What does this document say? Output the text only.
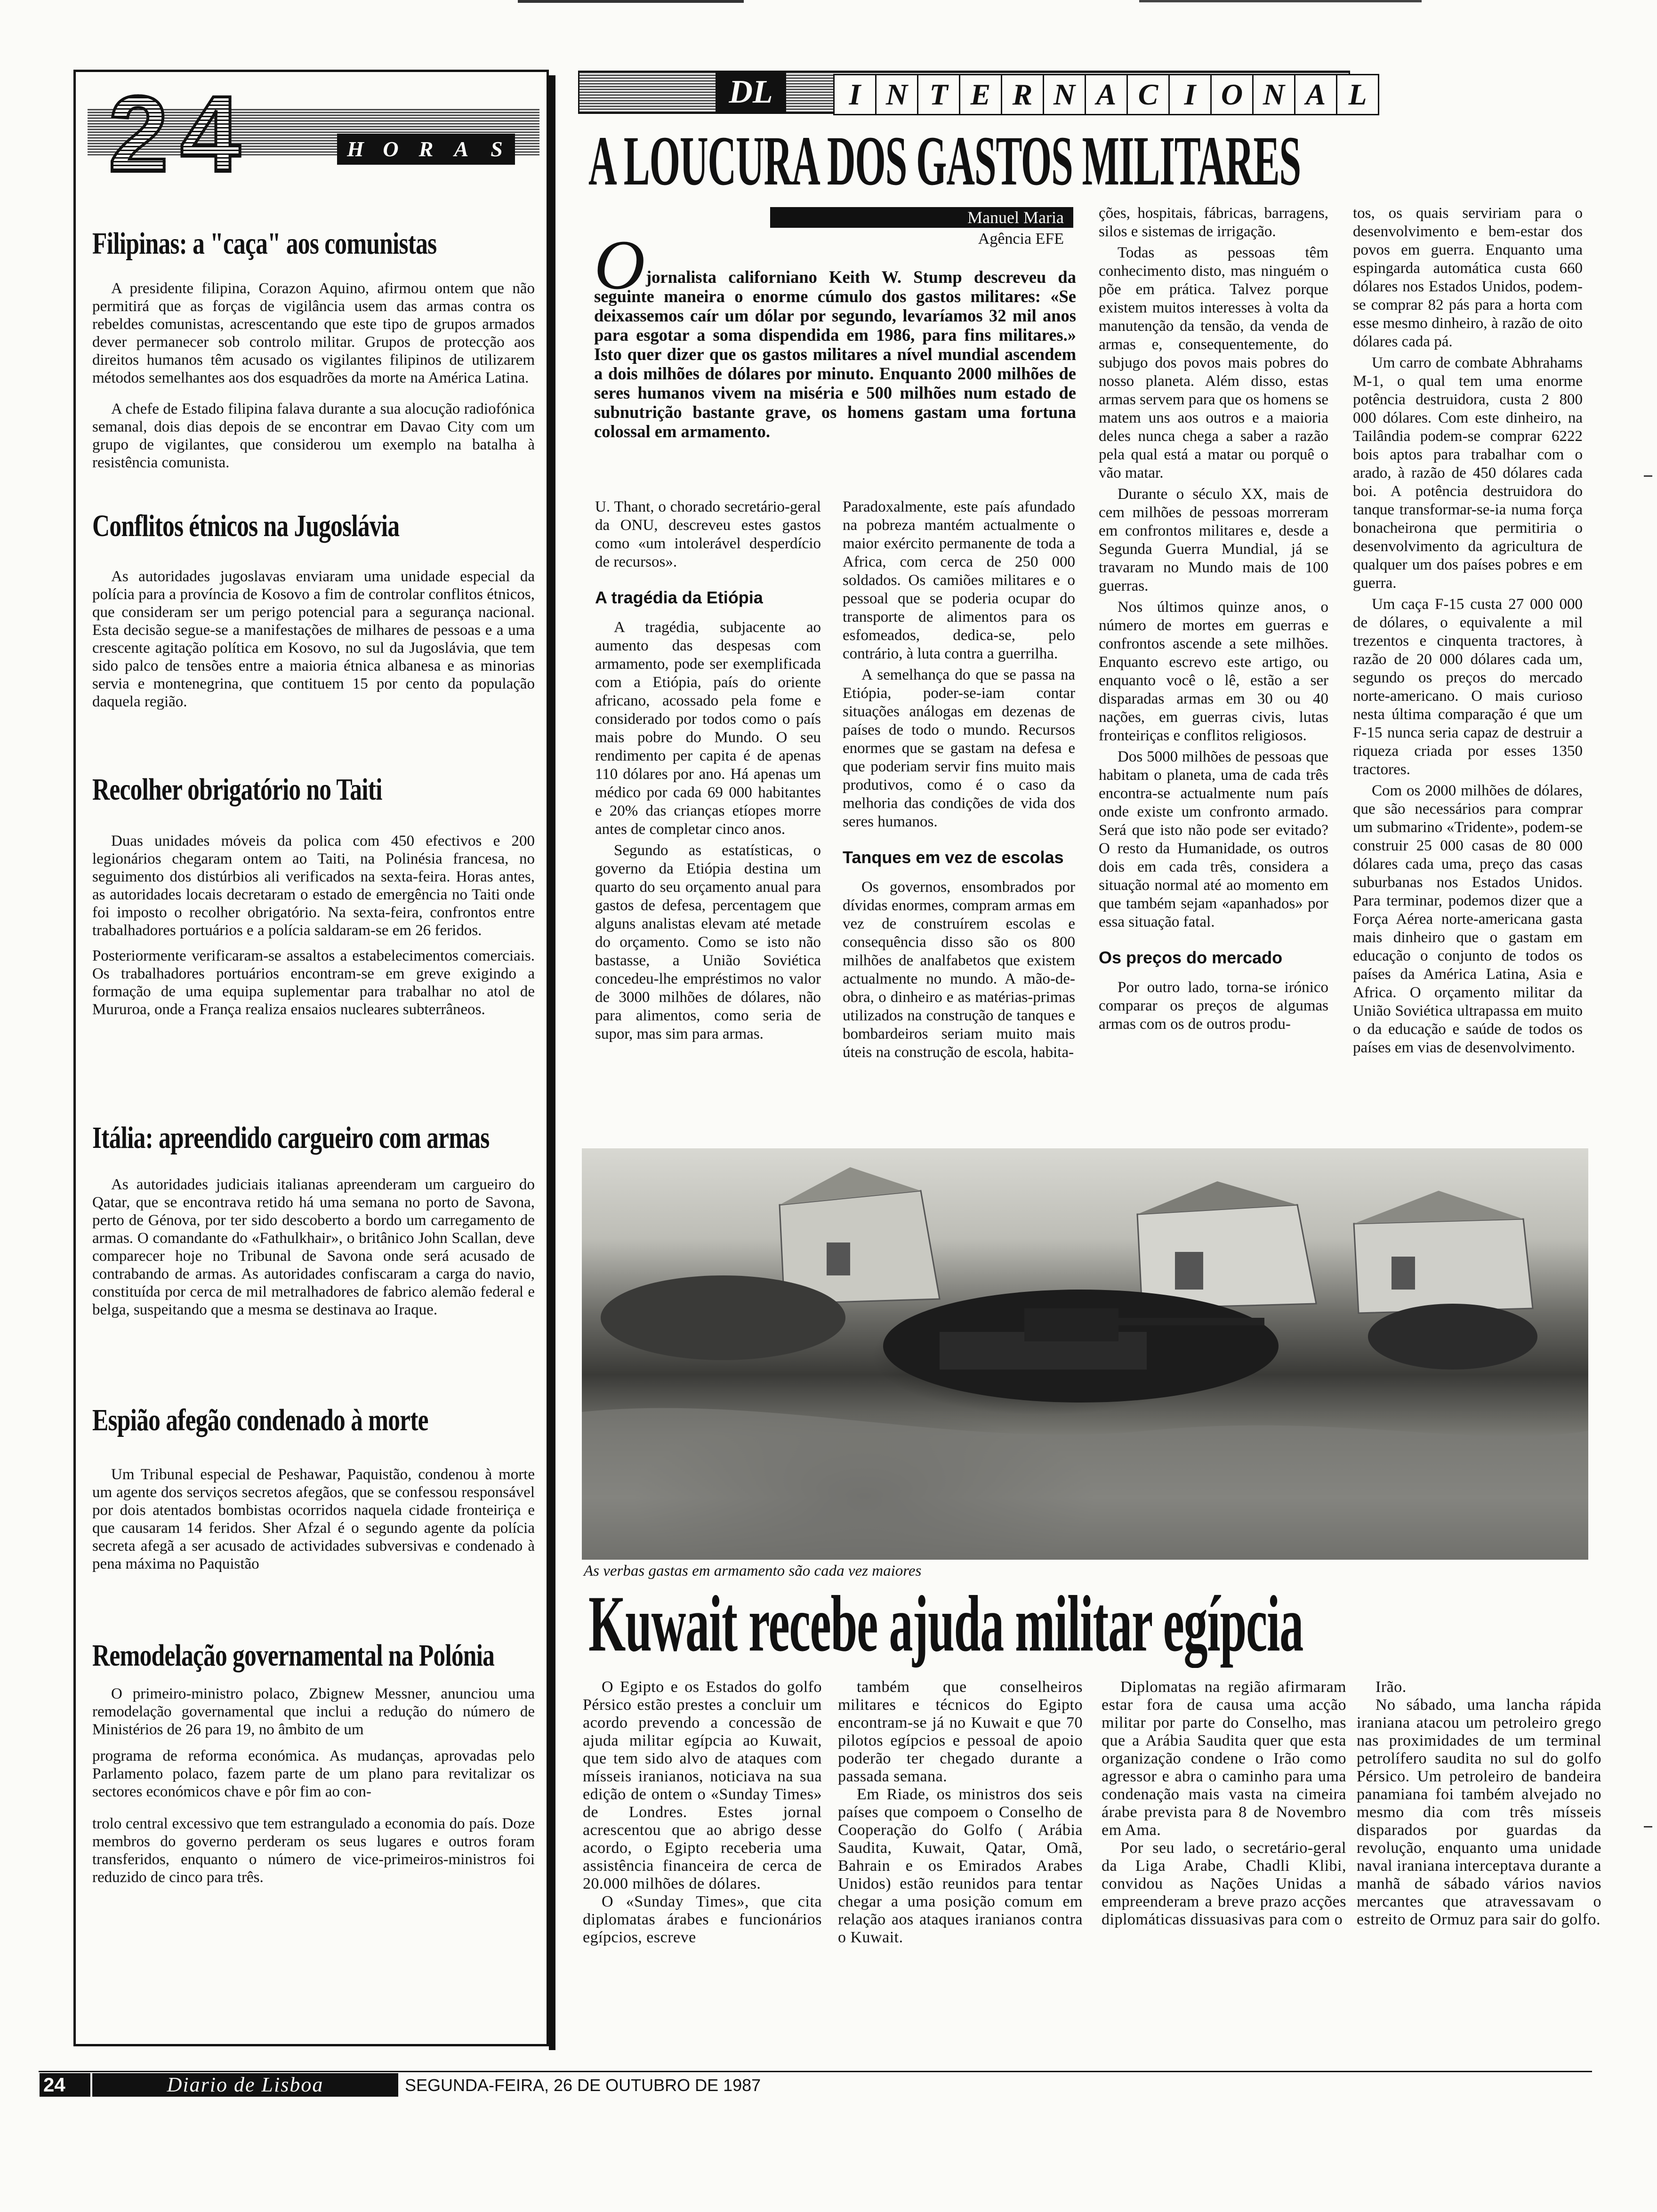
2 4	H O R A S
Filipinas: a "caça" aos comunistas

A presidente filipina, Corazon Aquino, afirmou ontem que não permitirá que as forças de vigilância usem das armas contra os rebeldes comunistas, acrescentando que este tipo de grupos armados dever permanecer sob controlo militar. Grupos de protecção aos direitos humanos têm acusado os vigilantes filipinos de utilizarem métodos semelhantes aos dos esquadrões da morte na América Latina.

A chefe de Estado filipina falava durante a sua alocução radiofónica semanal, dois dias depois de se encontrar em Davao City com um grupo de vigilantes, que considerou um exemplo na batalha à resistência comunista.

Conflitos étnicos na Jugoslávia

As autoridades jugoslavas enviaram uma unidade especial da polícia para a província de Kosovo a fim de controlar conflitos étnicos, que consideram ser um perigo potencial para a segurança nacional. Esta decisão segue-se a manifestações de milhares de pessoas e a uma crescente agitação política em Kosovo, no sul da Jugoslávia, que tem sido palco de tensões entre a maioria étnica albanesa e as minorias servia e montenegrina, que contituem 15 por cento da população daquela região.

Recolher obrigatório no Taiti

Duas unidades móveis da polica com 450 efectivos e 200 legionários chegaram ontem ao Taiti, na Polinésia francesa, no seguimento dos distúrbios ali verificados na sexta-feira. Horas antes, as autoridades locais decretaram o estado de emergência no Taiti onde foi imposto o recolher obrigatório. Na sexta-feira, confrontos entre trabalhadores portuários e a polícia saldaram-se em 26 feridos.

Posteriormente verificaram-se assaltos a estabelecimentos comerciais. Os trabalhadores portuários encontram-se em greve exigindo a formação de uma equipa suplementar para trabalhar no atol de Mururoa, onde a França realiza ensaios nucleares subterrâneos.

Itália: apreendido cargueiro com armas

As autoridades judiciais italianas apreenderam um cargueiro do Qatar, que se encontrava retido há uma semana no porto de Savona, perto de Génova, por ter sido descoberto a bordo um carregamento de armas. O comandante do «Fathulkhair», o britânico John Scallan, deve comparecer hoje no Tribunal de Savona onde será acusado de contrabando de armas. As autoridades confiscaram a carga do navio, constituída por cerca de mil metralhadores de fabrico alemão federal e belga, suspeitando que a mesma se destinava ao Iraque.

Espião afegão condenado à morte

Um Tribunal especial de Peshawar, Paquistão, condenou à morte um agente dos serviços secretos afegãos, que se confessou responsável por dois atentados bombistas ocorridos naquela cidade fronteiriça e que causaram 14 feridos. Sher Afzal é o segundo agente da polícia secreta afegã a ser acusado de actividades subversivas e condenado à pena máxima no Paquistão

Remodelação governamental na Polónia

O primeiro-ministro polaco, Zbignew Messner, anunciou uma remodelação governamental que inclui a redução do número de Ministérios de 26 para 19, no âmbito de um

programa de reforma económica. As mudanças, aprovadas pelo Parlamento polaco, fazem parte de um plano para revitalizar os sectores económicos chave e pôr fim ao con-

trolo central excessivo que tem estrangulado a economia do país. Doze membros do governo perderam os seus lugares e outros foram transferidos, enquanto o número de vice-primeiros-ministros foi reduzido de cinco para três.

DL	I N T E R N A C I O N A L
A LOUCURA DOS GASTOS MILITARES
Manuel Maria
Agência EFE
O jornalista californiano Keith W. Stump descreveu da seguinte maneira o enorme cúmulo dos gastos militares: «Se deixassemos caír um dólar por segundo, levaríamos 32 mil anos para esgotar a soma dispendida em 1986, para fins militares.» Isto quer dizer que os gastos militares a nível mundial ascendem a dois milhões de dólares por minuto. Enquanto 2000 milhões de seres humanos vivem na miséria e 500 milhões num estado de subnutrição bastante grave, os homens gastam uma fortuna colossal em armamento.

U. Thant, o chorado secretário-geral da ONU, descreveu estes gastos como «um intolerável desperdício de recursos».

A tragédia da Etiópia

A tragédia, subjacente ao aumento das despesas com armamento, pode ser exemplificada com a Etiópia, país do oriente africano, acossado pela fome e considerado por todos como o país mais pobre do Mundo. O seu rendimento per capita é de apenas 110 dólares por ano. Há apenas um médico por cada 69 000 habitantes e 20% das crianças etíopes morre antes de completar cinco anos.

Segundo as estatísticas, o governo da Etiópia destina um quarto do seu orçamento anual para gastos de defesa, percentagem que alguns analistas elevam até metade do orçamento. Como se isto não bastasse, a União Soviética concedeu-lhe empréstimos no valor de 3000 milhões de dólares, não para alimentos, como seria de supor, mas sim para armas.

Paradoxalmente, este país afundado na pobreza mantém actualmente o maior exército permanente de toda a Africa, com cerca de 250 000 soldados. Os camiões militares e o pessoal que se poderia ocupar do transporte de alimentos para os esfomeados, dedica-se, pelo contrário, à luta contra a guerrilha.

A semelhança do que se passa na Etiópia, poder-se-iam contar situações análogas em dezenas de países de todo o mundo. Recursos enormes que se gastam na defesa e que poderiam servir fins muito mais produtivos, como é o caso da melhoria das condições de vida dos seres humanos.

Tanques em vez de escolas

Os governos, ensombrados por dívidas enormes, compram armas em vez de construírem escolas e consequência disso são os 800 milhões de analfabetos que existem actualmente no mundo. A mão-de-obra, o dinheiro e as matérias-primas utilizados na construção de tanques e bombardeiros seriam muito mais úteis na construção de escola, habita-

ções, hospitais, fábricas, barragens, silos e sistemas de irrigação.

Todas as pessoas têm conhecimento disto, mas ninguém o põe em prática. Talvez porque existem muitos interesses à volta da manutenção da tensão, da venda de armas e, consequentemente, do subjugo dos povos mais pobres do nosso planeta. Além disso, estas armas servem para que os homens se matem uns aos outros e a maioria deles nunca chega a saber a razão pela qual está a matar ou porquê o vão matar.

Durante o século XX, mais de cem milhões de pessoas morreram em confrontos militares e, desde a Segunda Guerra Mundial, já se travaram no Mundo mais de 100 guerras.

Nos últimos quinze anos, o número de mortes em guerras e confrontos ascende a sete milhões. Enquanto escrevo este artigo, ou enquanto você o lê, estão a ser disparadas armas em 30 ou 40 nações, em guerras civis, lutas fronteiriças e conflitos religiosos.

Dos 5000 milhões de pessoas que habitam o planeta, uma de cada três encontra-se actualmente num país onde existe um confronto armado. Será que isto não pode ser evitado? O resto da Humanidade, os outros dois em cada três, considera a situação normal até ao momento em que também sejam «apanhados» por essa situação fatal.

Os preços do mercado

Por outro lado, torna-se irónico comparar os preços de algumas armas com os de outros produ-

tos, os quais serviriam para o desenvolvimento e bem-estar dos povos em guerra. Enquanto uma espingarda automática custa 660 dólares nos Estados Unidos, podem-se comprar 82 pás para a horta com esse mesmo dinheiro, à razão de oito dólares cada pá.

Um carro de combate Abhrahams M-1, o qual tem uma enorme potência destruidora, custa 2 800 000 dólares. Com este dinheiro, na Tailândia podem-se comprar 6222 bois aptos para trabalhar com o arado, à razão de 450 dólares cada boi. A potência destruidora do tanque transformar-se-ia numa força bonacheirona que permitiria o desenvolvimento da agricultura de qualquer um dos países pobres e em guerra.

Um caça F-15 custa 27 000 000 de dólares, o equivalente a mil trezentos e cinquenta tractores, à razão de 20 000 dólares cada um, segundo os preços do mercado norte-americano. O mais curioso nesta última comparação é que um F-15 nunca seria capaz de destruir a riqueza criada por esses 1350 tractores.

Com os 2000 milhões de dólares, que são necessários para comprar um submarino «Tridente», podem-se construir 25 000 casas de 80 000 dólares cada uma, preço das casas suburbanas nos Estados Unidos. Para terminar, podemos dizer que a Força Aérea norte-americana gasta mais dinheiro que o gastam em educação o conjunto de todos os países da América Latina, Asia e Africa. O orçamento militar da União Soviética ultrapassa em muito o da educação e saúde de todos os países em vias de desenvolvimento.

As verbas gastas em armamento são cada vez maiores
Kuwait recebe ajuda militar egípcia

O Egipto e os Estados do golfo Pérsico estão prestes a concluir um acordo prevendo a concessão de ajuda militar egípcia ao Kuwait, que tem sido alvo de ataques com mísseis iranianos, noticiava na sua edição de ontem o «Sunday Times» de Londres. Estes jornal acrescentou que ao abrigo desse acordo, o Egipto receberia uma assistência financeira de cerca de 20.000 milhões de dólares.

O «Sunday Times», que cita diplomatas árabes e funcionários egípcios, escreve

também que conselheiros militares e técnicos do Egipto encontram-se já no Kuwait e que 70 pilotos egípcios e pessoal de apoio poderão ter chegado durante a passada semana.

Em Riade, os ministros dos seis países que compoem o Conselho de Cooperação do Golfo ( Arábia Saudita, Kuwait, Qatar, Omã, Bahrain e os Emirados Arabes Unidos) estão reunidos para tentar chegar a uma posição comum em relação aos ataques iranianos contra o Kuwait.

Diplomatas na região afirmaram estar fora de causa uma acção militar por parte do Conselho, mas que a Arábia Saudita quer que esta organização condene o Irão como agressor e abra o caminho para uma condenação mais vasta na cimeira árabe prevista para 8 de Novembro em Ama.

Por seu lado, o secretário-geral da Liga Arabe, Chadli Klibi, convidou as Nações Unidas a empreenderam a breve prazo acções diplomáticas dissuasivas para com o

Irão.

No sábado, uma lancha rápida iraniana atacou um petroleiro grego nas proximidades de um terminal petrolífero saudita no sul do golfo Pérsico. Um petroleiro de bandeira panamiana foi também alvejado no mesmo dia com três mísseis disparados por guardas da revolução, enquanto uma unidade naval iraniana interceptava durante a manhã de sábado vários navios mercantes que atravessavam o estreito de Ormuz para sair do golfo.

24	Diario de Lisboa	SEGUNDA-FEIRA, 26 DE OUTUBRO DE 1987
